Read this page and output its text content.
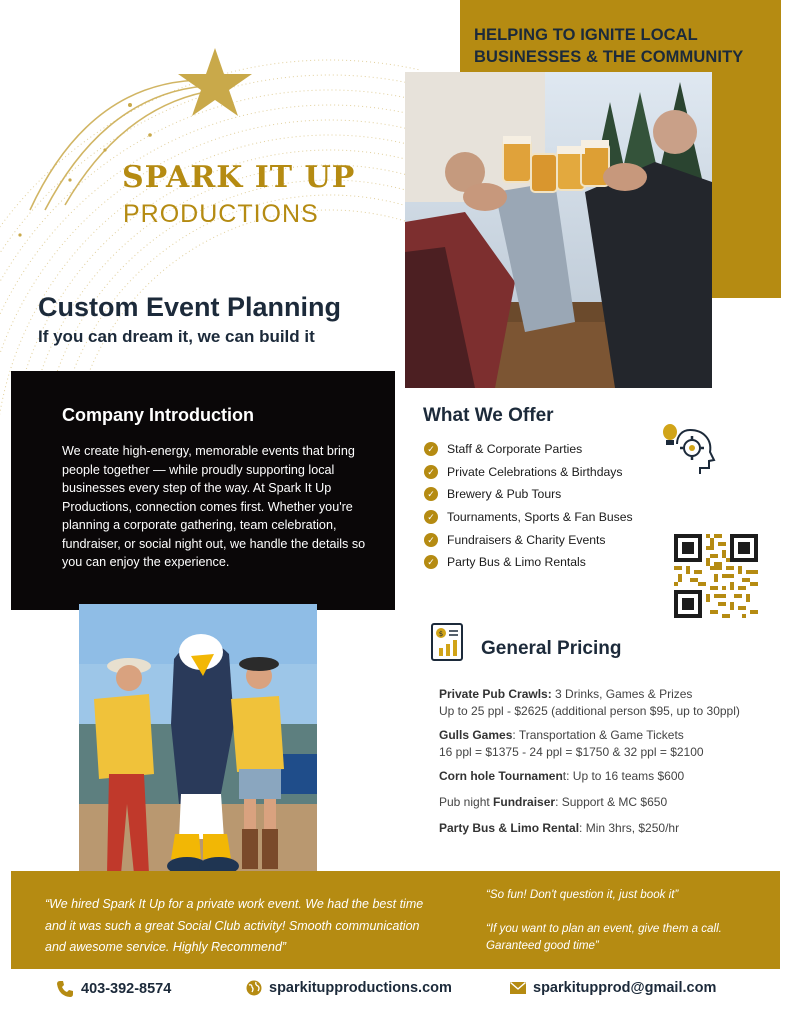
HELPING TO IGNITE LOCAL BUSINESSES & THE COMMUNITY
SPARK IT UP
PRODUCTIONS
Custom Event Planning
If you can dream it, we can build it
Company Introduction
We create high-energy, memorable events that bring people together — while proudly supporting local businesses every step of the way. At Spark It Up Productions, connection comes first. Whether you're planning a corporate gathering, team celebration, fundraiser, or social night out, we handle the details so you can enjoy the experience.
What We Offer
✓ Staff & Corporate Parties
✓ Private Celebrations & Birthdays
✓ Brewery & Pub Tours
✓ Tournaments, Sports & Fan Buses
✓ Fundraisers & Charity Events
✓ Party Bus & Limo Rentals
$
General Pricing
Private Pub Crawls: 3 Drinks, Games & Prizes
Up to 25 ppl - $2625 (additional person $95, up to 30ppl)
Gulls Games: Transportation & Game Tickets
16 ppl = $1375 - 24 ppl = $1750 & 32 ppl = $2100
Corn hole Tournament: Up to 16 teams $600
Pub night Fundraiser: Support & MC $650
Party Bus & Limo Rental: Min 3hrs, $250/hr
“We hired Spark It Up for a private work event. We had the best time and it was such a great Social Club activity! Smooth communication and awesome service. Highly Recommend”
“So fun! Don't question it, just book it”
“If you want to plan an event, give them a call. Garanteed good time”
403-392-8574	sparkitupproductions.com	sparkitupprod@gmail.com
